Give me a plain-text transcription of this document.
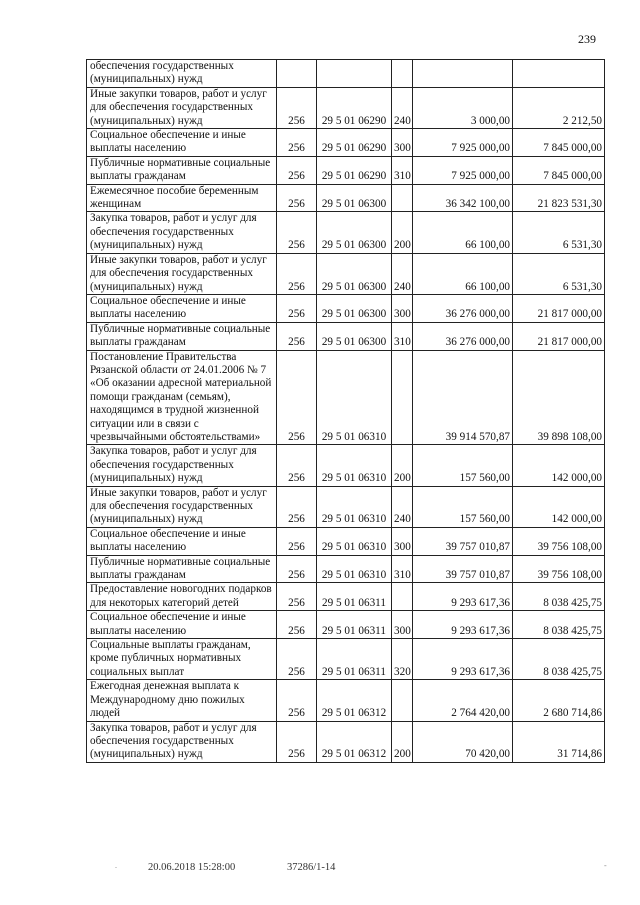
239
обеспечения государственных (муниципальных) нужд					
Иные закупки товаров, работ и услуг для обеспечения государственных (муниципальных) нужд	256	29 5 01 06290	240	3 000,00	2 212,50
Социальное обеспечение и иные выплаты населению	256	29 5 01 06290	300	7 925 000,00	7 845 000,00
Публичные нормативные социальные выплаты гражданам	256	29 5 01 06290	310	7 925 000,00	7 845 000,00
Ежемесячное пособие беременным женщинам	256	29 5 01 06300		36 342 100,00	21 823 531,30
Закупка товаров, работ и услуг для обеспечения государственных (муниципальных) нужд	256	29 5 01 06300	200	66 100,00	6 531,30
Иные закупки товаров, работ и услуг для обеспечения государственных (муниципальных) нужд	256	29 5 01 06300	240	66 100,00	6 531,30
Социальное обеспечение и иные выплаты населению	256	29 5 01 06300	300	36 276 000,00	21 817 000,00
Публичные нормативные социальные выплаты гражданам	256	29 5 01 06300	310	36 276 000,00	21 817 000,00
Постановление Правительства Рязанской области от 24.01.2006 № 7 «Об оказании адресной материальной помощи гражданам (семьям), находящимся в трудной жизненной ситуации или в связи с чрезвычайными обстоятельствами»	256	29 5 01 06310		39 914 570,87	39 898 108,00
Закупка товаров, работ и услуг для обеспечения государственных (муниципальных) нужд	256	29 5 01 06310	200	157 560,00	142 000,00
Иные закупки товаров, работ и услуг для обеспечения государственных (муниципальных) нужд	256	29 5 01 06310	240	157 560,00	142 000,00
Социальное обеспечение и иные выплаты населению	256	29 5 01 06310	300	39 757 010,87	39 756 108,00
Публичные нормативные социальные выплаты гражданам	256	29 5 01 06310	310	39 757 010,87	39 756 108,00
Предоставление новогодних подарков для некоторых категорий детей	256	29 5 01 06311		9 293 617,36	8 038 425,75
Социальное обеспечение и иные выплаты населению	256	29 5 01 06311	300	9 293 617,36	8 038 425,75
Социальные выплаты гражданам, кроме публичных нормативных социальных выплат	256	29 5 01 06311	320	9 293 617,36	8 038 425,75
Ежегодная денежная выплата к Международному дню пожилых людей	256	29 5 01 06312		2 764 420,00	2 680 714,86
Закупка товаров, работ и услуг для обеспечения государственных (муниципальных) нужд	256	29 5 01 06312	200	70 420,00	31 714,86
.	20.06.2018 15:28:00	37286/1-14	-
